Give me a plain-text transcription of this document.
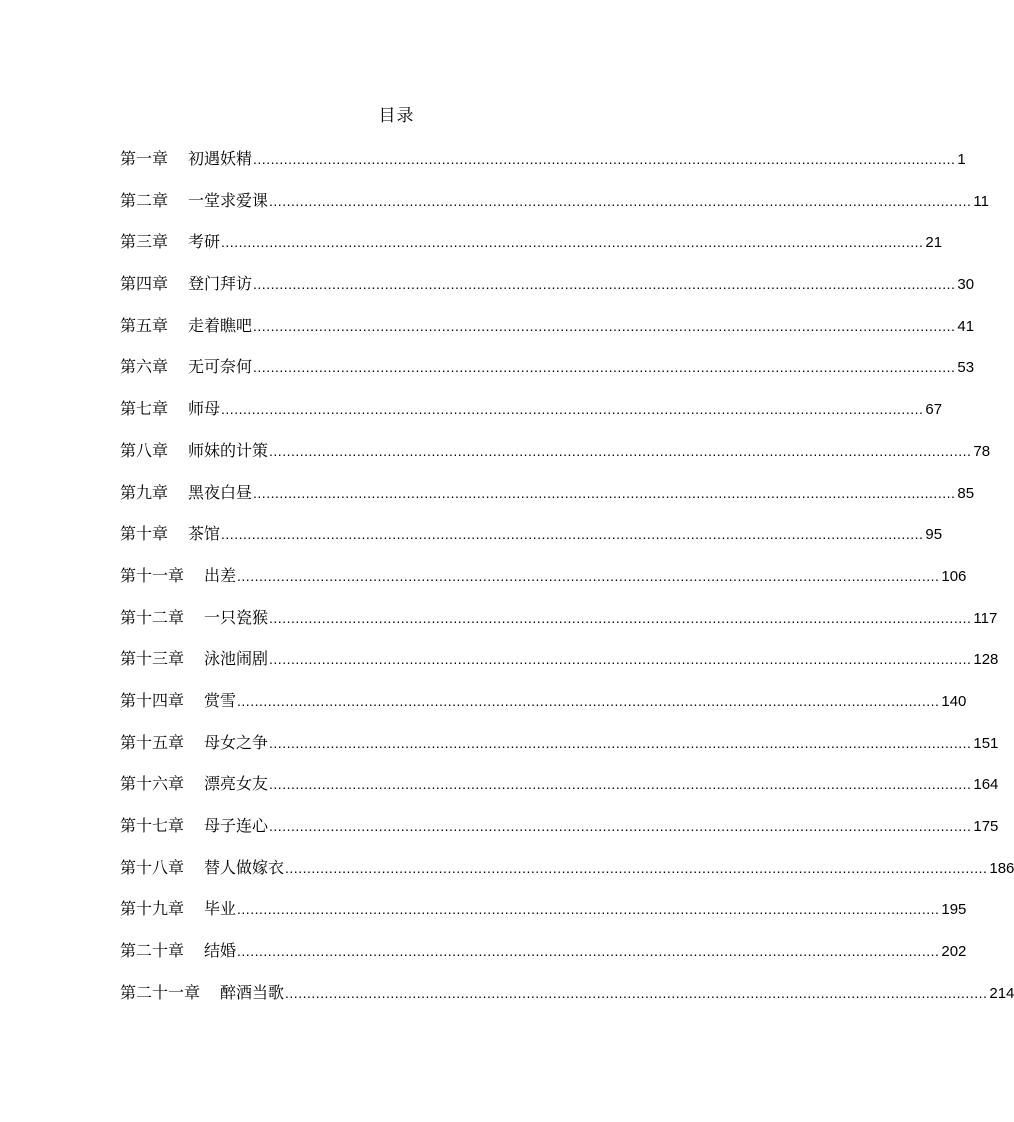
目录
第一章 初遇妖精 ................................................................................................................................................................ 1
第二章 一堂求爱课 ................................................................................................................................................................ 11
第三章 考研 ................................................................................................................................................................ 21
第四章 登门拜访 ................................................................................................................................................................ 30
第五章 走着瞧吧 ................................................................................................................................................................ 41
第六章 无可奈何 ................................................................................................................................................................ 53
第七章 师母 ................................................................................................................................................................ 67
第八章 师妹的计策 ................................................................................................................................................................ 78
第九章 黑夜白昼 ................................................................................................................................................................ 85
第十章 茶馆 ................................................................................................................................................................ 95
第十一章 出差 ................................................................................................................................................................ 106
第十二章 一只瓷猴 ................................................................................................................................................................ 117
第十三章 泳池闹剧 ................................................................................................................................................................ 128
第十四章 赏雪 ................................................................................................................................................................ 140
第十五章 母女之争 ................................................................................................................................................................ 151
第十六章 漂亮女友 ................................................................................................................................................................ 164
第十七章 母子连心 ................................................................................................................................................................ 175
第十八章 替人做嫁衣 ................................................................................................................................................................ 186
第十九章 毕业 ................................................................................................................................................................ 195
第二十章 结婚 ................................................................................................................................................................ 202
第二十一章 醉酒当歌 ................................................................................................................................................................ 214
